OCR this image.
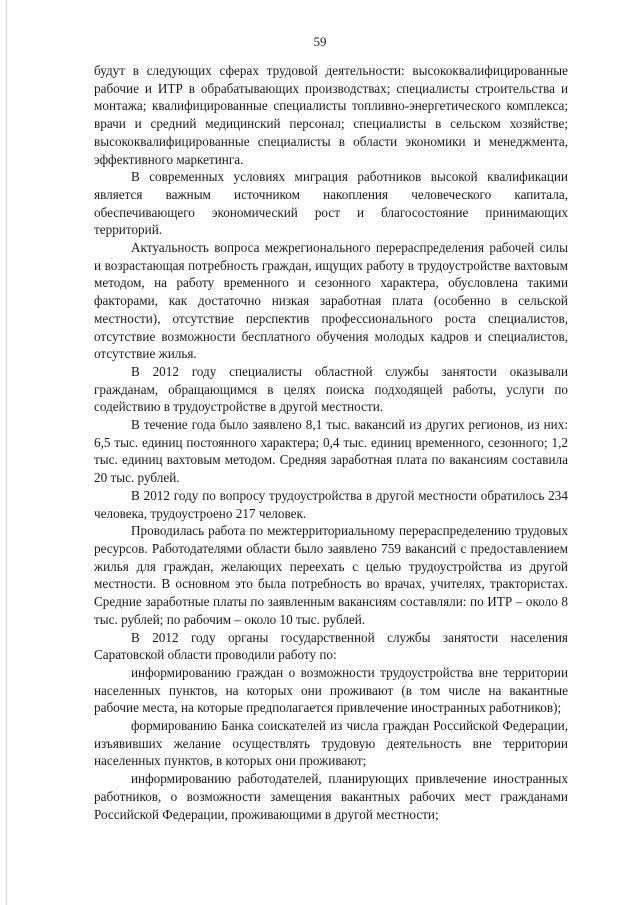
59

будут в следующих сферах трудовой деятельности: высококвалифицированные рабочие и ИТР в обрабатывающих производствах; специалисты строительства и монтажа; квалифицированные специалисты топливно-энергетического комплекса; врачи и средний медицинский персонал; специалисты в сельском хозяйстве; высококвалифицированные специалисты в области экономики и менеджмента, эффективного маркетинга.

В современных условиях миграция работников высокой квалификации является важным источником накопления человеческого капитала, обеспечивающего экономический рост и благосостояние принимающих территорий.

Актуальность вопроса межрегионального перераспределения рабочей силы и возрастающая потребность граждан, ищущих работу в трудоустройстве вахтовым методом, на работу временного и сезонного характера, обусловлена такими факторами, как достаточно низкая заработная плата (особенно в сельской местности), отсутствие перспектив профессионального роста специалистов, отсутствие возможности бесплатного обучения молодых кадров и специалистов, отсутствие жилья.

В 2012 году специалисты областной службы занятости оказывали гражданам, обращающимся в целях поиска подходящей работы, услуги по содействию в трудоустройстве в другой местности.

В течение года было заявлено 8,1 тыс. вакансий из других регионов, из них: 6,5 тыс. единиц постоянного характера; 0,4 тыс. единиц временного, сезонного; 1,2 тыс. единиц вахтовым методом. Средняя заработная плата по вакансиям составила 20 тыс. рублей.

В 2012 году по вопросу трудоустройства в другой местности обратилось 234 человека, трудоустроено 217 человек.

Проводилась работа по межтерриториальному перераспределению трудовых ресурсов. Работодателями области было заявлено 759 вакансий с предоставлением жилья для граждан, желающих переехать с целью трудоустройства из другой местности. В основном это была потребность во врачах, учителях, трактористах. Средние заработные платы по заявленным вакансиям составляли: по ИТР – около 8 тыс. рублей; по рабочим – около 10 тыс. рублей.

В 2012 году органы государственной службы занятости населения Саратовской области проводили работу по:

информированию граждан о возможности трудоустройства вне территории населенных пунктов, на которых они проживают (в том числе на вакантные рабочие места, на которые предполагается привлечение иностранных работников);

формированию Банка соискателей из числа граждан Российской Федерации, изъявивших желание осуществлять трудовую деятельность вне территории населенных пунктов, в которых они проживают;

информированию работодателей, планирующих привлечение иностранных работников, о возможности замещения вакантных рабочих мест гражданами Российской Федерации, проживающими в другой местности;
